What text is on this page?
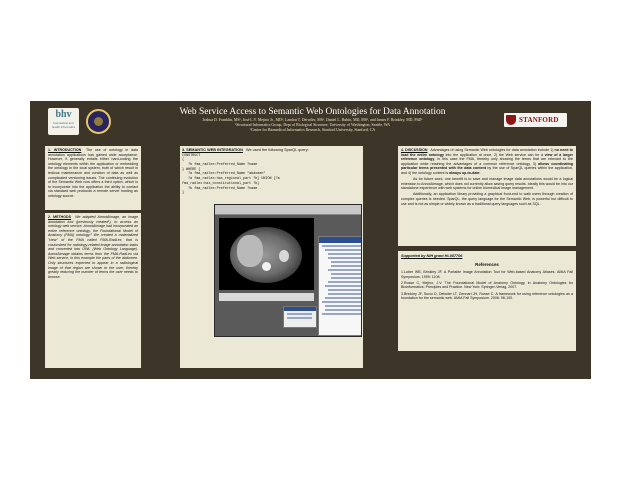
bhv
biomedical and health informatics
Web Service Access to Semantic Web Ontologies for Data Annotation
Joshua D. Franklin, MS¹, José L.V. Mejino Jr., MD¹, Landon T. Detwiler, MS¹, Daniel L. Rubin, MD, MS², and James F. Brinkley, MD, PhD¹
¹Structural Informatics Group, Dept of Biological Structure, University of Washington, Seattle, WA
²Center for Biomedical Informatics Research, Stanford University, Stanford, CA
STANFORD

1. INTRODUCTION The use of ontology in data annotation applications has gained wide acceptance. However, it generally entails either hard-coding the ontology elements within the application or embedding the ontology in the local system, both of which result in tedious maintenance and curation of data as well as complicated versioning issues. The continuing evolution of the Semantic Web now offers a third option, which is to incorporate into the application the ability to contact via standard web protocols a remote server hosting an ontology source.

2. METHODS We adapted AnnotAimage, an image annotation tool (previously created¹), to access an ontology web service. AnnotAimage had incorporated an entire reference ontology, the Foundational Model of Anatomy (FMA) ontology.² We created a materialized "view" of the FMA called FMA-RadLex, that is customized for radiology-related image annotation tasks and converted into OWL (Web Ontology Language). AnnotAimage obtains terms from the FMA-RadLex via Web service, in this example the parts of the abdomen. Only structures expected to appear in a radiological image of that region are shown to the user, thereby greatly reducing the number of terms the user needs to browse.

3. SEMANTIC WEB INTEGRATION We used the following SparQL query:
CONSTRUCT
{
?b fma_radlex:Preferred_Name ?name
} WHERE {
?a fma_radlex:Preferred_Name "abdomen"
?a fma_radlex:has_regional_part ?b} UNION {?a
fma_radlex:has_constitutional_part ?b}
?b fma_radlex:Preferred_Name ?name .
}

4. DISCUSSION Advantages of using Semantic Web ontologies for data annotation include 1) no need to load the entire ontology into the application at once, 2) the Web service can be a view of a larger reference ontology, in this case the FMA, thereby only showing the terms that are relevant to the application while retaining the advantages of a common reference ontology, 3) allows coordinating particular terms presented with the data content by the use of SparQL queries within the application, and 4) the ontology content is always up-to-date.

As for future work, one benefit is to save and manage image data annotations would be a logical extension to AnnotAimage, which does not currently allow saving query results. Ideally this would be into our standalone experience with web systems for online biomedical image management.

Additionally, an application library providing a graphical front-end to walk users through creation of complex queries is needed. SparQL, the query language for the Semantic Web, is powerful but difficult to use and is not as simple or widely known as a traditional query languages such as SQL.

Supported by NIH grant HL087706
References

1.Lober WB, Brinkley JF. A Portable Image Annotation Tool for Web-based Anatomy Atlases. AMIA Fall Symposium. 1999: 1108.

2.Rosse C, Mejino, J.V. The Foundational Model of Anatomy Ontology, in Anatomy Ontologies for Bioinformatics: Principles and Practice. New York: Springer-Verlag, 2007.

3.Brinkley JF, Suciu D, Detwiler LT, Gennari JH, Rosse C. A framework for using reference ontologies as a foundation for the semantic web. AMIA Fall Symposium. 2006: 96-100.
